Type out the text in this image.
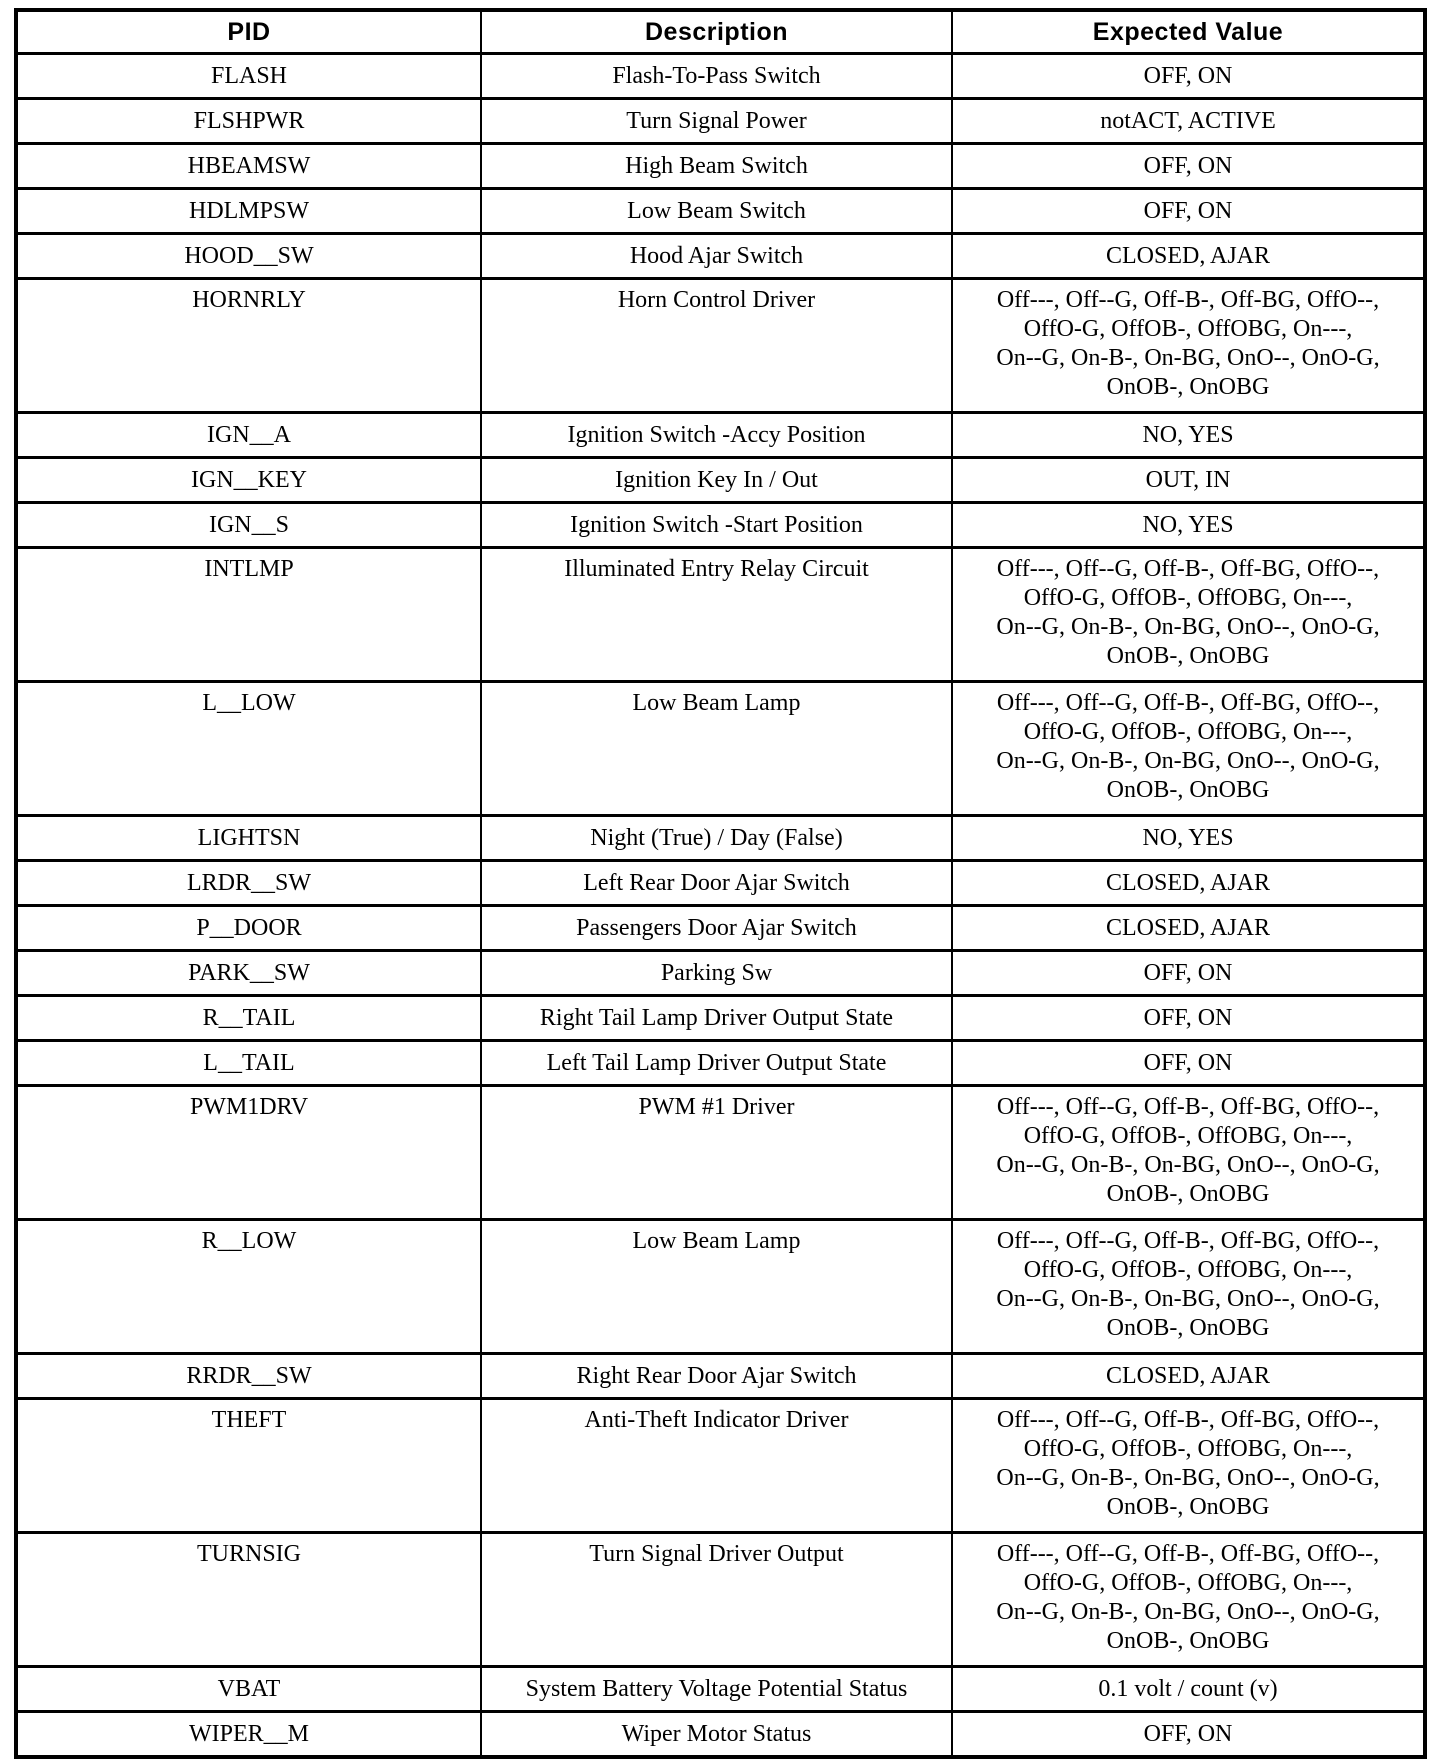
PID	Description	Expected Value
FLASH	Flash-To-Pass Switch	OFF, ON

FLSHPWR	Turn Signal Power	notACT, ACTIVE

HBEAMSW	High Beam Switch	OFF, ON

HDLMPSW	Low Beam Switch	OFF, ON

HOOD__SW	Hood Ajar Switch	CLOSED, AJAR

HORNRLY	Horn Control Driver	Off---, Off--G, Off-B-, Off-BG, OffO--,
OffO-G, OffOB-, OffOBG, On---,
On--G, On-B-, On-BG, OnO--, OnO-G,
OnOB-, OnOBG

IGN__A	Ignition Switch -Accy Position	NO, YES

IGN__KEY	Ignition Key In / Out	OUT, IN

IGN__S	Ignition Switch -Start Position	NO, YES

INTLMP	Illuminated Entry Relay Circuit	Off---, Off--G, Off-B-, Off-BG, OffO--,
OffO-G, OffOB-, OffOBG, On---,
On--G, On-B-, On-BG, OnO--, OnO-G,
OnOB-, OnOBG

L__LOW	Low Beam Lamp	Off---, Off--G, Off-B-, Off-BG, OffO--,
OffO-G, OffOB-, OffOBG, On---,
On--G, On-B-, On-BG, OnO--, OnO-G,
OnOB-, OnOBG

LIGHTSN	Night (True) / Day (False)	NO, YES

LRDR__SW	Left Rear Door Ajar Switch	CLOSED, AJAR

P__DOOR	Passengers Door Ajar Switch	CLOSED, AJAR

PARK__SW	Parking Sw	OFF, ON

R__TAIL	Right Tail Lamp Driver Output State	OFF, ON

L__TAIL	Left Tail Lamp Driver Output State	OFF, ON

PWM1DRV	PWM #1 Driver	Off---, Off--G, Off-B-, Off-BG, OffO--,
OffO-G, OffOB-, OffOBG, On---,
On--G, On-B-, On-BG, OnO--, OnO-G,
OnOB-, OnOBG

R__LOW	Low Beam Lamp	Off---, Off--G, Off-B-, Off-BG, OffO--,
OffO-G, OffOB-, OffOBG, On---,
On--G, On-B-, On-BG, OnO--, OnO-G,
OnOB-, OnOBG

RRDR__SW	Right Rear Door Ajar Switch	CLOSED, AJAR

THEFT	Anti-Theft Indicator Driver	Off---, Off--G, Off-B-, Off-BG, OffO--,
OffO-G, OffOB-, OffOBG, On---,
On--G, On-B-, On-BG, OnO--, OnO-G,
OnOB-, OnOBG

TURNSIG	Turn Signal Driver Output	Off---, Off--G, Off-B-, Off-BG, OffO--,
OffO-G, OffOB-, OffOBG, On---,
On--G, On-B-, On-BG, OnO--, OnO-G,
OnOB-, OnOBG

VBAT	System Battery Voltage Potential Status	0.1 volt / count (v)

WIPER__M	Wiper Motor Status	OFF, ON
